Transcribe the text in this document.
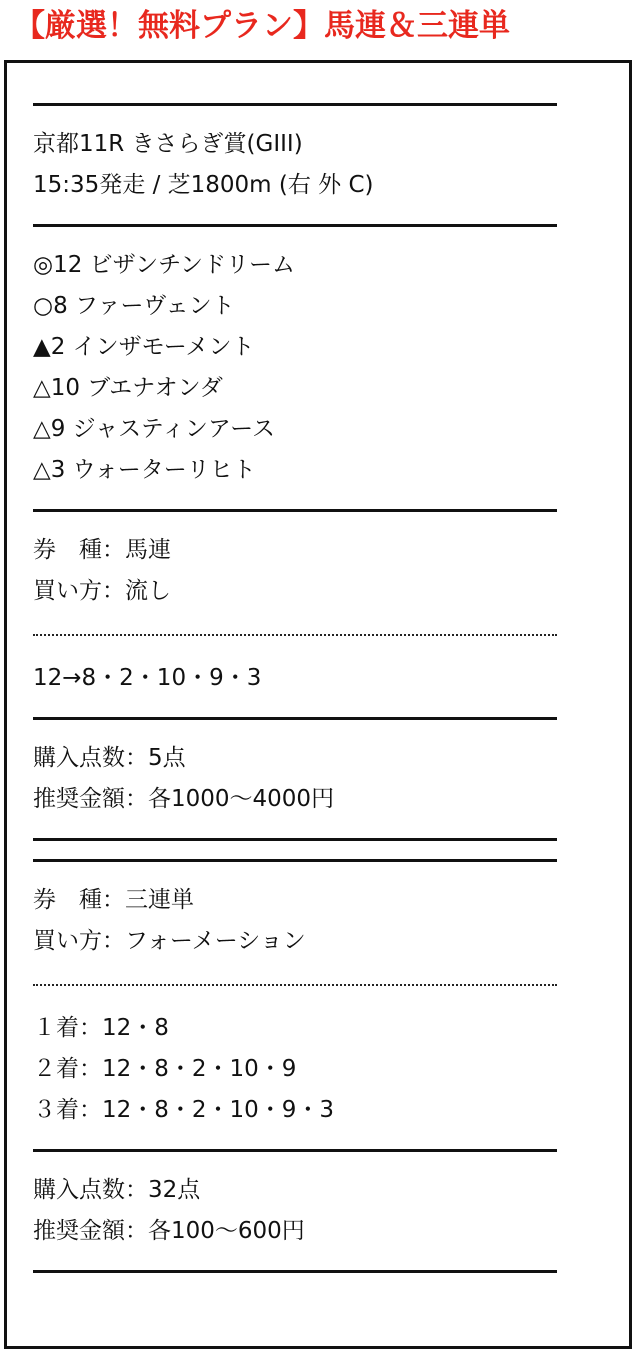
【厳選！無料プラン】馬連＆三連単
京都11R きさらぎ賞(GIII)
15:35発走 / 芝1800m (右 外 C)
◎12 ビザンチンドリーム
○8 ファーヴェント
▲2 インザモーメント
△10 ブエナオンダ
△9 ジャスティンアース
△3 ウォーターリヒト
券　種：馬連
買い方：流し
12→8・2・10・9・3
購入点数：5点
推奨金額：各1000〜4000円
券　種：三連単
買い方：フォーメーション
１着：12・8
２着：12・8・2・10・9
３着：12・8・2・10・9・3
購入点数：32点
推奨金額：各100〜600円
